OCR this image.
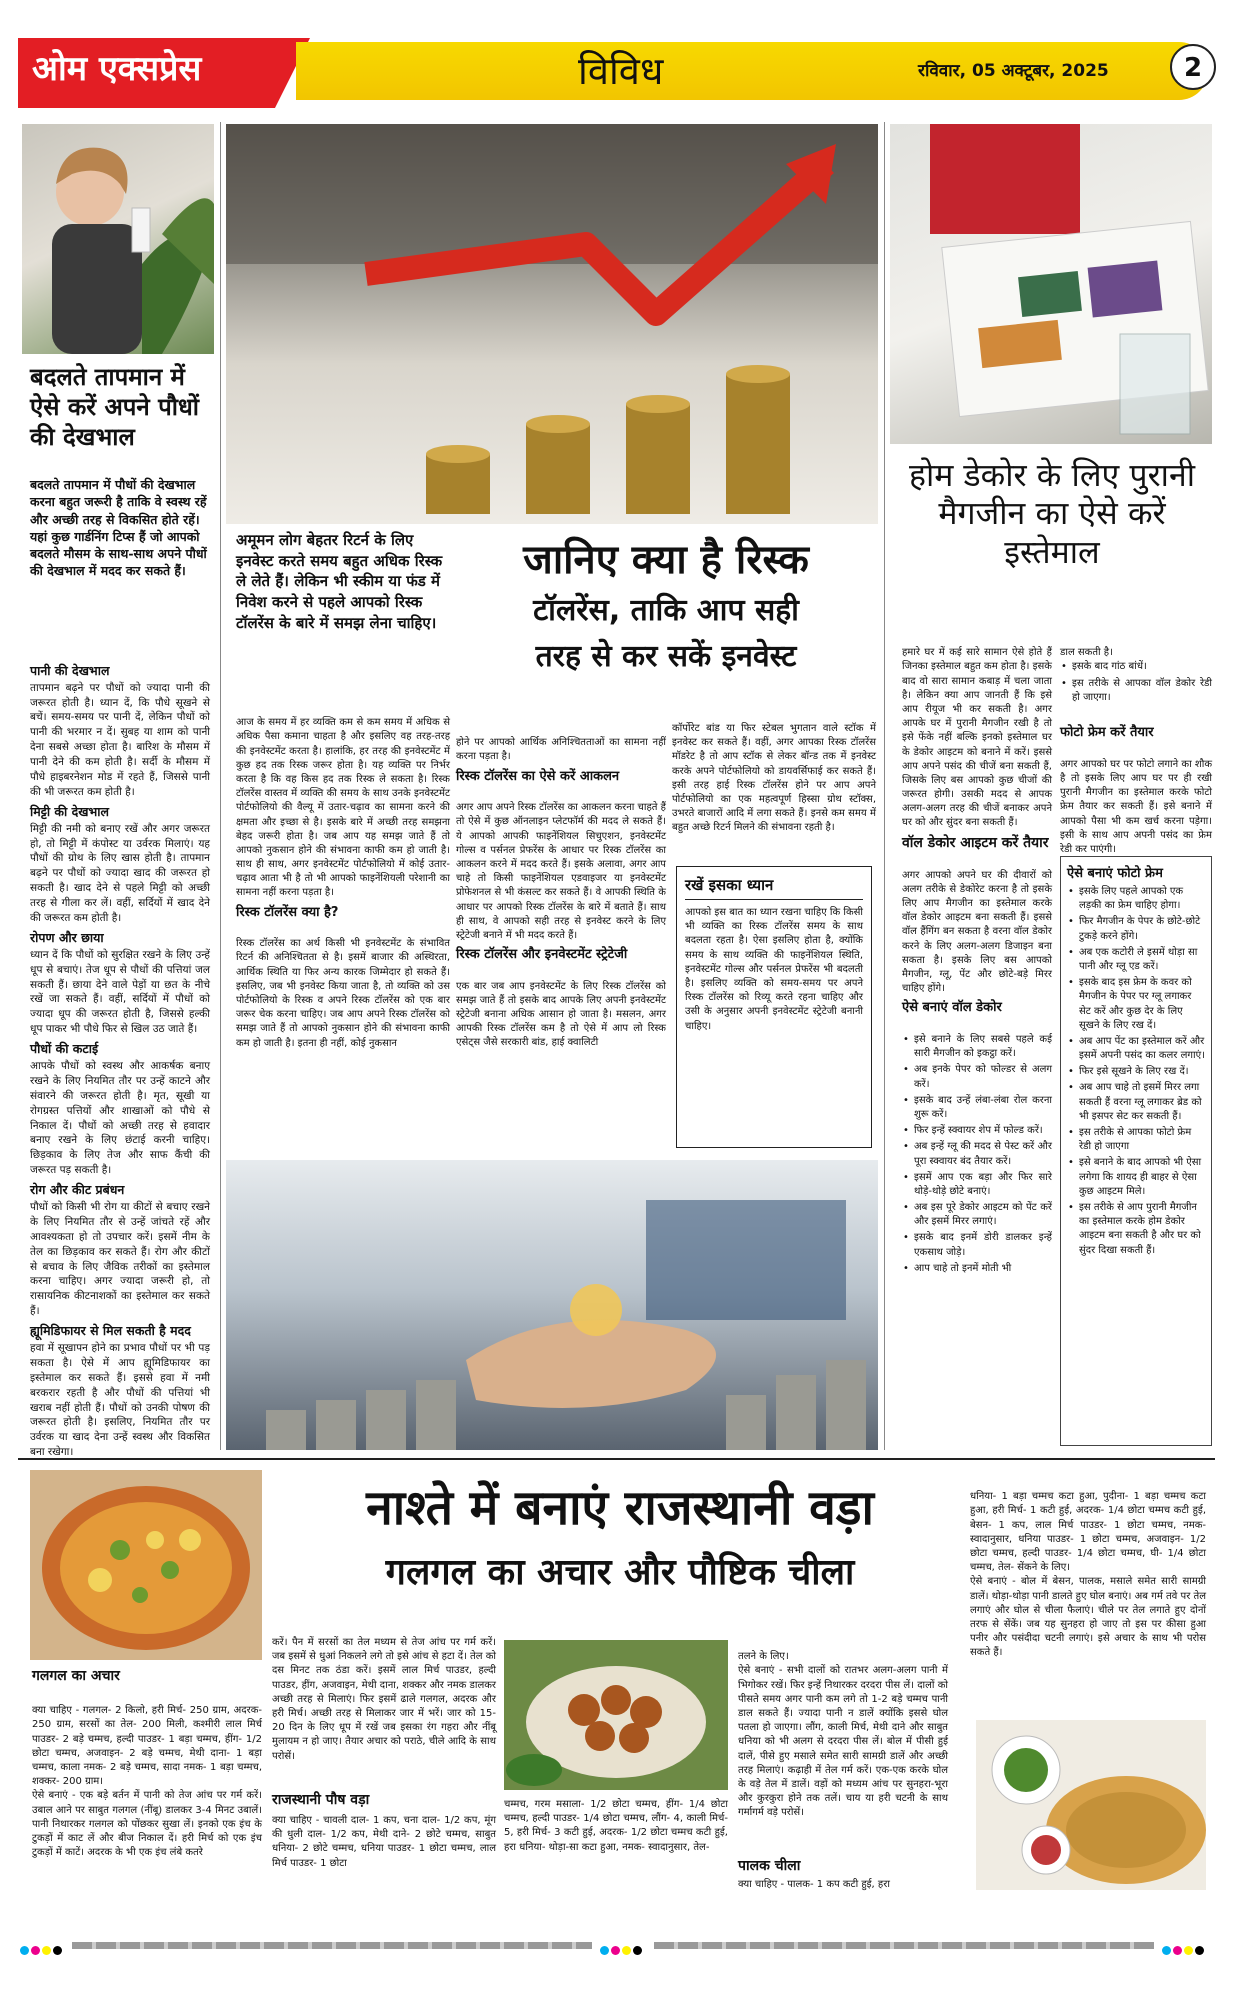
ओम एक्सप्रेस	विविध	रविवार, 05 अक्टूबर, 2025	2
बदलते तापमान में ऐसे करें अपने पौधों की देखभाल
बदलते तापमान में पौधों की देखभाल करना बहुत जरूरी है ताकि वे स्वस्थ रहें और अच्छी तरह से विकसित होते रहें। यहां कुछ गार्डनिंग टिप्स हैं जो आपको बदलते मौसम के साथ-साथ अपने पौधों की देखभाल में मदद कर सकते हैं।

पानी की देखभाल
तापमान बढ़ने पर पौधों को ज्यादा पानी की जरूरत होती है। ध्यान दें, कि पौधे सूखने से बचें। समय-समय पर पानी दें, लेकिन पौधों को पानी की भरमार न दें। सुबह या शाम को पानी देना सबसे अच्छा होता है। बारिश के मौसम में पानी देने की कम होती है। सर्दी के मौसम में पौधे हाइबरनेशन मोड में रहते हैं, जिससे पानी की भी जरूरत कम होती है।

मिट्टी की देखभाल
मिट्टी की नमी को बनाए रखें और अगर जरूरत हो, तो मिट्टी में कंपोस्ट या उर्वरक मिलाएं। यह पौधों की ग्रोथ के लिए खास होती है। तापमान बढ़ने पर पौधों को ज्यादा खाद की जरूरत हो सकती है। खाद देने से पहले मिट्टी को अच्छी तरह से गीला कर लें। वहीं, सर्दियों में खाद देने की जरूरत कम होती है।

रोपण और छाया
ध्यान दें कि पौधों को सुरक्षित रखने के लिए उन्हें धूप से बचाएं। तेज धूप से पौधों की पत्तियां जल सकती हैं। छाया देने वाले पेड़ों या छत के नीचे रखें जा सकते हैं। वहीं, सर्दियों में पौधों को ज्यादा धूप की जरूरत होती है, जिससे हल्की धूप पाकर भी पौधे फिर से खिल उठ जाते हैं।

पौधों की कटाई
आपके पौधों को स्वस्थ और आकर्षक बनाए रखने के लिए नियमित तौर पर उन्हें काटने और संवारने की जरूरत होती है। मृत, सूखी या रोगग्रस्त पत्तियों और शाखाओं को पौधे से निकाल दें। पौधों को अच्छी तरह से हवादार बनाए रखने के लिए छंटाई करनी चाहिए। छिड़काव के लिए तेज और साफ कैंची की जरूरत पड़ सकती है।

रोग और कीट प्रबंधन
पौधों को किसी भी रोग या कीटों से बचाए रखने के लिए नियमित तौर से उन्हें जांचते रहें और आवश्यकता हो तो उपचार करें। इसमें नीम के तेल का छिड़काव कर सकते हैं। रोग और कीटों से बचाव के लिए जैविक तरीकों का इस्तेमाल करना चाहिए। अगर ज्यादा जरूरी हो, तो रासायनिक कीटनाशकों का इस्तेमाल कर सकते हैं।

ह्यूमिडिफायर से मिल सकती है मदद
हवा में सूखापन होने का प्रभाव पौधों पर भी पड़ सकता है। ऐसे में आप ह्यूमिडिफायर का इस्तेमाल कर सकते हैं। इससे हवा में नमी बरकरार रहती है और पौधों की पत्तियां भी खराब नहीं होती हैं। पौधों को उनकी पोषण की जरूरत होती है। इसलिए, नियमित तौर पर उर्वरक या खाद देना उन्हें स्वस्थ और विकसित बना रखेगा।

अमूमन लोग बेहतर रिटर्न के लिए इनवेस्ट करते समय बहुत अधिक रिस्क ले लेते हैं। लेकिन भी स्कीम या फंड में निवेश करने से पहले आपको रिस्क टॉलरेंस के बारे में समझ लेना चाहिए।
जानिए क्या है रिस्क
टॉलरेंस, ताकि आप सही
तरह से कर सकें इनवेस्ट

आज के समय में हर व्यक्ति कम से कम समय में अधिक से अधिक पैसा कमाना चाहता है और इसलिए वह तरह-तरह की इनवेस्टमेंट करता है। हालांकि, हर तरह की इनवेस्टमेंट में कुछ हद तक रिस्क जरूर होता है। यह व्यक्ति पर निर्भर करता है कि वह किस हद तक रिस्क ले सकता है। रिस्क टॉलरेंस वास्तव में व्यक्ति की समय के साथ उनके इनवेस्टमेंट पोर्टफोलियो की वैल्यू में उतार-चढ़ाव का सामना करने की क्षमता और इच्छा से है। इसके बारे में अच्छी तरह समझना बेहद जरूरी होता है। जब आप यह समझ जाते हैं तो आपको नुकसान होने की संभावना काफी कम हो जाती है। साथ ही साथ, अगर इनवेस्टमेंट पोर्टफोलियो में कोई उतार-चढ़ाव आता भी है तो भी आपको फाइनेंशियली परेशानी का सामना नहीं करना पड़ता है।

रिस्क टॉलरेंस क्या है?

रिस्क टॉलरेंस का अर्थ किसी भी इनवेस्टमेंट के संभावित रिटर्न की अनिश्चितता से है। इसमें बाजार की अस्थिरता, आर्थिक स्थिति या फिर अन्य कारक जिम्मेदार हो सकते हैं। इसलिए, जब भी इनवेस्ट किया जाता है, तो व्यक्ति को उस पोर्टफोलियो के रिस्क व अपने रिस्क टॉलरेंस को एक बार जरूर चेक करना चाहिए। जब आप अपने रिस्क टॉलरेंस को समझ जाते हैं तो आपको नुकसान होने की संभावना काफी कम हो जाती है। इतना ही नहीं, कोई नुकसान

होने पर आपको आर्थिक अनिश्चितताओं का सामना नहीं करना पड़ता है।

रिस्क टॉलरेंस का ऐसे करें आकलन

अगर आप अपने रिस्क टॉलरेंस का आकलन करना चाहते हैं तो ऐसे में कुछ ऑनलाइन प्लेटफॉर्म की मदद ले सकते हैं। ये आपको आपकी फाइनेंशियल सिचुएशन, इनवेस्टमेंट गोल्स व पर्सनल प्रेफरेंस के आधार पर रिस्क टॉलरेंस का आकलन करने में मदद करते हैं। इसके अलावा, अगर आप चाहे तो किसी फाइनेंशियल एडवाइजर या इनवेस्टमेंट प्रोफेशनल से भी कंसल्ट कर सकते हैं। वे आपकी स्थिति के आधार पर आपको रिस्क टॉलरेंस के बारे में बताते हैं। साथ ही साथ, वे आपको सही तरह से इनवेस्ट करने के लिए स्ट्रेटेजी बनाने में भी मदद करते हैं।

रिस्क टॉलरेंस और इनवेस्टमेंट स्ट्रेटेजी

एक बार जब आप इनवेस्टमेंट के लिए रिस्क टॉलरेंस को समझ जाते हैं तो इसके बाद आपके लिए अपनी इनवेस्टमेंट स्ट्रेटेजी बनाना अधिक आसान हो जाता है। मसलन, अगर आपकी रिस्क टॉलरेंस कम है तो ऐसे में आप लो रिस्क एसेट्स जैसे सरकारी बांड, हाई क्वालिटी

कॉर्पोरेट बांड या फिर स्टेबल भुगतान वाले स्टॉक में इनवेस्ट कर सकते हैं। वहीं, अगर आपका रिस्क टॉलरेंस मॉडरेट है तो आप स्टॉक से लेकर बॉन्ड तक में इनवेस्ट करके अपने पोर्टफोलियो को डायवर्सिफाई कर सकते हैं। इसी तरह हाई रिस्क टॉलरेंस होने पर आप अपने पोर्टफोलियो का एक महत्वपूर्ण हिस्सा ग्रोथ स्टॉक्स, उभरते बाजारों आदि में लगा सकते हैं। इनसे कम समय में बहुत अच्छे रिटर्न मिलने की संभावना रहती है।
रखें इसका ध्यान
आपको इस बात का ध्यान रखना चाहिए कि किसी भी व्यक्ति का रिस्क टॉलरेंस समय के साथ बदलता रहता है। ऐसा इसलिए होता है, क्योंकि समय के साथ व्यक्ति की फाइनेंशियल स्थिति, इनवेस्टमेंट गोल्स और पर्सनल प्रेफरेंस भी बदलती है। इसलिए व्यक्ति को समय-समय पर अपने रिस्क टॉलरेंस को रिव्यू करते रहना चाहिए और उसी के अनुसार अपनी इनवेस्टमेंट स्ट्रेटेजी बनानी चाहिए।
होम डेकोर के लिए पुरानी मैगजीन का ऐसे करें इस्तेमाल

हमारे घर में कई सारे सामान ऐसे होते हैं जिनका इस्तेमाल बहुत कम होता है। इसके बाद वो सारा सामान कबाड़ में चला जाता है। लेकिन क्या आप जानती हैं कि इसे आप रीयूज भी कर सकती है। अगर आपके घर में पुरानी मैगजीन रखी है तो इसे फेंके नहीं बल्कि इनको इस्तेमाल घर के डेकोर आइटम को बनाने में करें। इससे आप अपने पसंद की चीजें बना सकती हैं, जिसके लिए बस आपको कुछ चीजों की जरूरत होगी। उसकी मदद से आपक अलग-अलग तरह की चीजें बनाकर अपने घर को और सुंदर बना सकती हैं।

वॉल डेकोर आइटम करें तैयार

अगर आपको अपने घर की दीवारों को अलग तरीके से डेकोरेट करना है तो इसके लिए आप मैगजीन का इस्तेमाल करके वॉल डेकोर आइटम बना सकती हैं। इससे वॉल हैंगिंग बन सकता है वरना वॉल डेकोर करने के लिए अलग-अलग डिजाइन बना सकता है। इसके लिए बस आपको मैगजीन, ग्लू, पेंट और छोटे-बड़े मिरर चाहिए होंगे।

ऐसे बनाएं वॉल डेकोर

• इसे बनाने के लिए सबसे पहले कई सारी मैगजीन को इकट्ठा करें।
• अब इनके पेपर को फोल्डर से अलग करें।
• इसके बाद उन्हें लंबा-लंबा रोल करना शुरू करें।
• फिर इन्हें स्क्वायर शेप में फोल्ड करें।
• अब इन्हें ग्लू की मदद से पेस्ट करें और पूरा स्क्वायर बंद तैयार करें।
• इसमें आप एक बड़ा और फिर सारे थोड़े-थोड़े छोटे बनाएं।
• अब इस पूरे डेकोर आइटम को पेंट करें और इसमें मिरर लगाएं।
• इसके बाद इनमें डोरी डालकर इन्हें एकसाथ जोड़े।
• आप चाहे तो इनमें मोती भी

डाल सकती है।

• इसके बाद गांठ बांधें।
• इस तरीके से आपका वॉल डेकोर रेडी हो जाएगा।

फोटो फ्रेम करें तैयार

अगर आपको घर पर फोटो लगाने का शौक है तो इसके लिए आप घर पर ही रखी पुरानी मैगजीन का इस्तेमाल करके फोटो फ्रेम तैयार कर सकती हैं। इसे बनाने में आपको पैसा भी कम खर्च करना पड़ेगा। इसी के साथ आप अपनी पसंद का फ्रेम रेडी कर पाएंगी।

ऐसे बनाएं फोटो फ्रेम
• इसके लिए पहले आपको एक लड़की का फ्रेम चाहिए होगा।
• फिर मैगजीन के पेपर के छोटे-छोटे टुकड़े करने होंगे।
• अब एक कटोरी ले इसमें थोड़ा सा पानी और ग्लू एड करें।
• इसके बाद इस फ्रेम के कवर को मैगजीन के पेपर पर ग्लू लगाकर सेट करें और कुछ देर के लिए सूखने के लिए रख दें।
• अब आप पेंट का इस्तेमाल करें और इसमें अपनी पसंद का कलर लगाएं।
• फिर इसे सूखने के लिए रख दें।
• अब आप चाहे तो इसमें मिरर लगा सकती हैं वरना ग्लू लगाकर ब्रेड को भी इसपर सेट कर सकती हैं।
• इस तरीके से आपका फोटो फ्रेम रेडी हो जाएगा
• इसे बनाने के बाद आपको भी ऐसा लगेगा कि शायद ही बाहर से ऐसा कुछ आइटम मिले।
• इस तरीके से आप पुरानी मैगजीन का इस्तेमाल करके होम डेकोर आइटम बना सकती है और घर को सुंदर दिखा सकती हैं।
नाश्ते में बनाएं राजस्थानी वड़ा
गलगल का अचार और पौष्टिक चीला
गलगल का अचार

क्या चाहिए - गलगल- 2 किलो, हरी मिर्च- 250 ग्राम, अदरक- 250 ग्राम, सरसों का तेल- 200 मिली, कश्मीरी लाल मिर्च पाउडर- 2 बड़े चम्मच, हल्दी पाउडर- 1 बड़ा चम्मच, हींग- 1/2 छोटा चम्मच, अजवाइन- 2 बड़े चम्मच, मेथी दाना- 1 बड़ा चम्मच, काला नमक- 2 बड़े चम्मच, सादा नमक- 1 बड़ा चम्मच, शक्कर- 200 ग्राम।
ऐसे बनाएं - एक बड़े बर्तन में पानी को तेज आंच पर गर्म करें। उबाल आने पर साबुत गलगल (नींबू) डालकर 3-4 मिनट उबालें। पानी निथारकर गलगल को पोंछकर सुखा लें। इनको एक इंच के टुकड़ों में काट लें और बीज निकाल दें। हरी मिर्च को एक इंच टुकड़ों में काटें। अदरक के भी एक इंच लंबे कतरे

करें। पैन में सरसों का तेल मध्यम से तेज आंच पर गर्म करें। जब इसमें से धुआं निकलने लगे तो इसे आंच से हटा दें। तेल को दस मिनट तक ठंडा करें। इसमें लाल मिर्च पाउडर, हल्दी पाउडर, हींग, अजवाइन, मेथी दाना, शक्कर और नमक डालकर अच्छी तरह से मिलाएं। फिर इसमें ढाले गलगल, अदरक और हरी मिर्च। अच्छी तरह से मिलाकर जार में भरें। जार को 15-20 दिन के लिए धूप में रखें जब इसका रंग गहरा और नींबू मुलायम न हो जाए। तैयार अचार को पराठे, चीले आदि के साथ परोसें।
राजस्थानी पौष वड़ा
क्या चाहिए - चावली दाल- 1 कप, चना दाल- 1/2 कप, मूंग की धुली दाल- 1/2 कप, मेथी दाने- 2 छोटे चम्मच, साबुत धनिया- 2 छोटे चम्मच, धनिया पाउडर- 1 छोटा चम्मच, लाल मिर्च पाउडर- 1 छोटा
चम्मच, गरम मसाला- 1/2 छोटा चम्मच, हींग- 1/4 छोटा चम्मच, हल्दी पाउडर- 1/4 छोटा चम्मच, लौंग- 4, काली मिर्च- 5, हरी मिर्च- 3 कटी हुई, अदरक- 1/2 छोटा चम्मच कटी हुई, हरा धनिया- थोड़ा-सा कटा हुआ, नमक- स्वादानुसार, तेल-

तलने के लिए।
ऐसे बनाएं - सभी दालों को रातभर अलग-अलग पानी में भिगोकर रखें। फिर इन्हें निथारकर दरदरा पीस लें। दालों को पीसते समय अगर पानी कम लगे तो 1-2 बड़े चम्मच पानी डाल सकते हैं। ज्यादा पानी न डालें क्योंकि इससे घोल पतला हो जाएगा। लौंग, काली मिर्च, मेथी दाने और साबुत धनिया को भी अलग से दरदरा पीस लें। बोल में पीसी हुई दालें, पीसे हुए मसाले समेत सारी सामग्री डालें और अच्छी तरह मिलाएं। कढ़ाही में तेल गर्म करें। एक-एक करके घोल के वड़े तेल में डालें। वड़ों को मध्यम आंच पर सुनहरा-भूरा और कुरकुरा होने तक तलें। चाय या हरी चटनी के साथ गर्मागर्म वड़े परोसें।

पालक चीला
क्या चाहिए - पालक- 1 कप कटी हुई, हरा

धनिया- 1 बड़ा चम्मच कटा हुआ, पुदीना- 1 बड़ा चम्मच कटा हुआ, हरी मिर्च- 1 कटी हुई, अदरक- 1/4 छोटा चम्मच कटी हुई, बेसन- 1 कप, लाल मिर्च पाउडर- 1 छोटा चम्मच, नमक- स्वादानुसार, धनिया पाउडर- 1 छोटा चम्मच, अजवाइन- 1/2 छोटा चम्मच, हल्दी पाउडर- 1/4 छोटा चम्मच, घी- 1/4 छोटा चम्मच, तेल- सेंकने के लिए।
ऐसे बनाएं - बोल में बेसन, पालक, मसाले समेत सारी सामग्री डालें। थोड़ा-थोड़ा पानी डालते हुए घोल बनाएं। अब गर्म तवे पर तेल लगाएं और घोल से चीला फैलाएं। चीले पर तेल लगाते हुए दोनों तरफ से सेंकें। जब यह सुनहरा हो जाए तो इस पर कीसा हुआ पनीर और पसंदीदा चटनी लगाएं। इसे अचार के साथ भी परोस सकते हैं।
